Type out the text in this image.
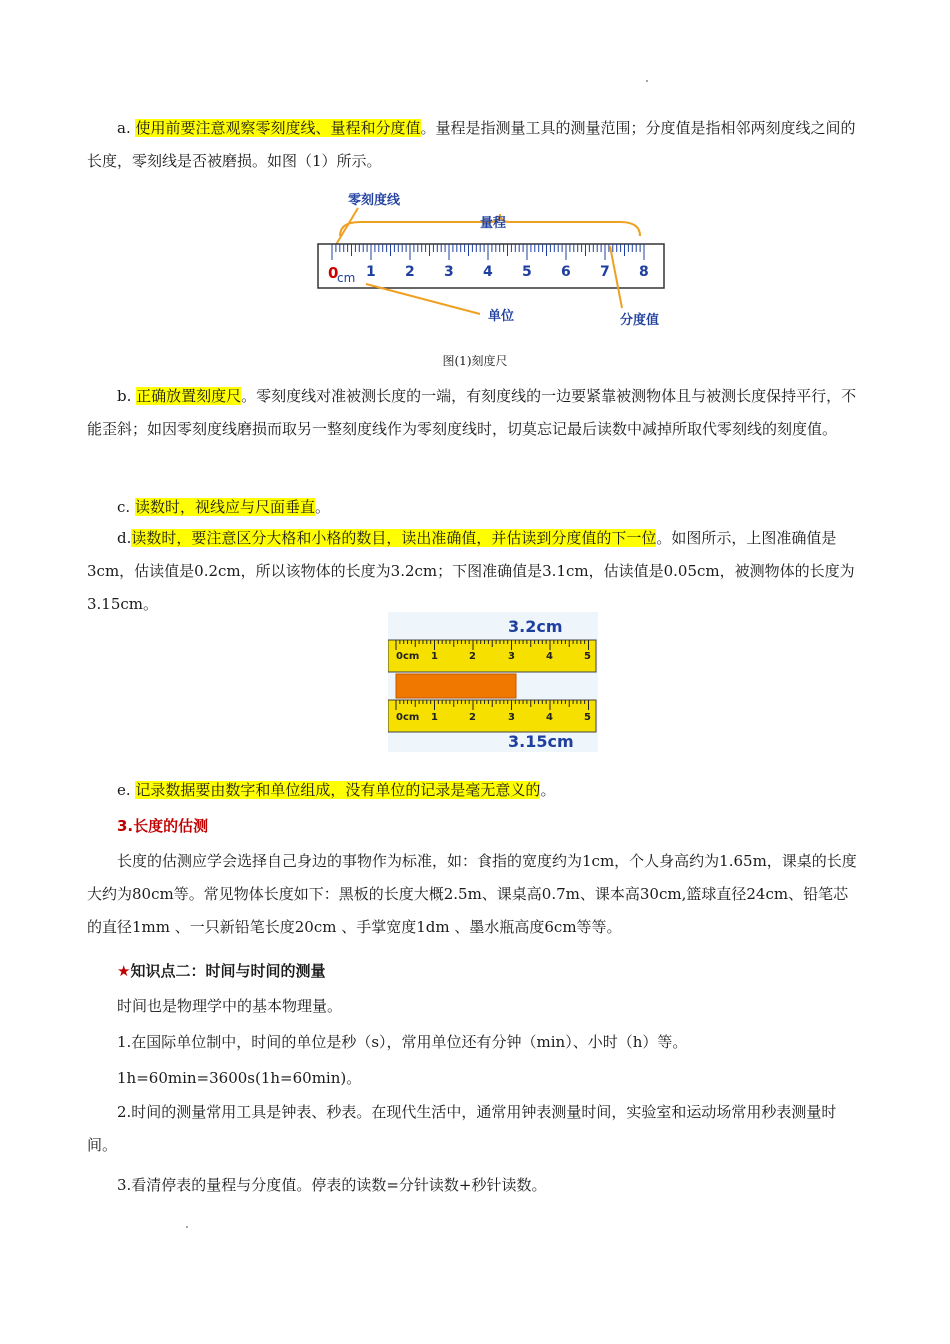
a. 使用前要注意观察零刻度线、量程和分度值。量程是指测量工具的测量范围；分度值是指相邻两刻度线之间的长度，零刻线是否被磨损。如图（1）所示。

零刻度线
量程
0
cm 1 2 3 4 5 6 7 8
单位	分度值
图(1)刻度尺

b. 正确放置刻度尺。零刻度线对准被测长度的一端，有刻度线的一边要紧靠被测物体且与被测长度保持平行，不能歪斜；如因零刻度线磨损而取另一整刻度线作为零刻度线时，切莫忘记最后读数中减掉所取代零刻线的刻度值。

c. 读数时，视线应与尺面垂直。

d.读数时，要注意区分大格和小格的数目，读出准确值，并估读到分度值的下一位。如图所示，上图准确值是3cm，估读值是0.2cm，所以该物体的长度为3.2cm；下图准确值是3.1cm，估读值是0.05cm，被测物体的长度为3.15cm。

3.2cm
0cm 1	2	3	4	5
0cm 1	2	3	4	5
3.15cm

e. 记录数据要由数字和单位组成，没有单位的记录是毫无意义的。

3.长度的估测

长度的估测应学会选择自己身边的事物作为标准，如：食指的宽度约为1cm，个人身高约为1.65m，课桌的长度大约为80cm等。常见物体长度如下：黑板的长度大概2.5m、课桌高0.7m、课本高30cm,篮球直径24cm、铅笔芯的直径1mm 、一只新铅笔长度20cm 、手掌宽度1dm 、墨水瓶高度6cm等等。

★知识点二：时间与时间的测量

时间也是物理学中的基本物理量。

1.在国际单位制中，时间的单位是秒（s），常用单位还有分钟（min）、小时（h）等。

1h=60min=3600s(1h=60min)。

2.时间的测量常用工具是钟表、秒表。在现代生活中，通常用钟表测量时间，实验室和运动场常用秒表测量时间。

3.看清停表的量程与分度值。停表的读数=分针读数+秒针读数。
